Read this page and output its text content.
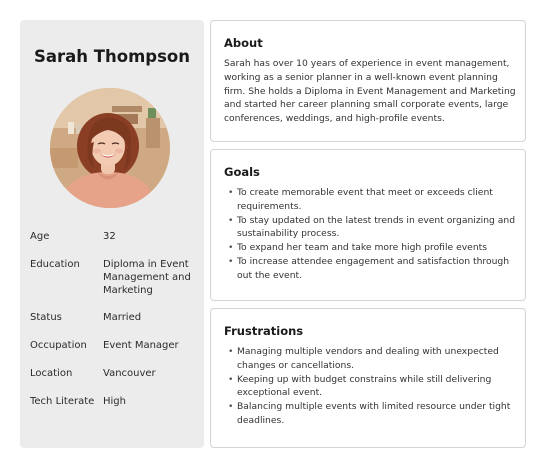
Sarah Thompson
Age	32
Education Diploma in Event Management and Marketing
Status	Married
Occupation Event Manager
Location	Vancouver
Tech Literate High
About
Sarah has over 10 years of experience in event management, working as a senior planner in a well-known event planning firm. She holds a Diploma in Event Management and Marketing and started her career planning small corporate events, large conferences, weddings, and high-profile events.
Goals
• To create memorable event that meet or exceeds client requirements.
• To stay updated on the latest trends in event organizing and sustainability process.
• To expand her team and take more high profile events
• To increase attendee engagement and satisfaction through out the event.
Frustrations
• Managing multiple vendors and dealing with unexpected changes or cancellations.
• Keeping up with budget constrains while still delivering exceptional event.
• Balancing multiple events with limited resource under tight deadlines.
